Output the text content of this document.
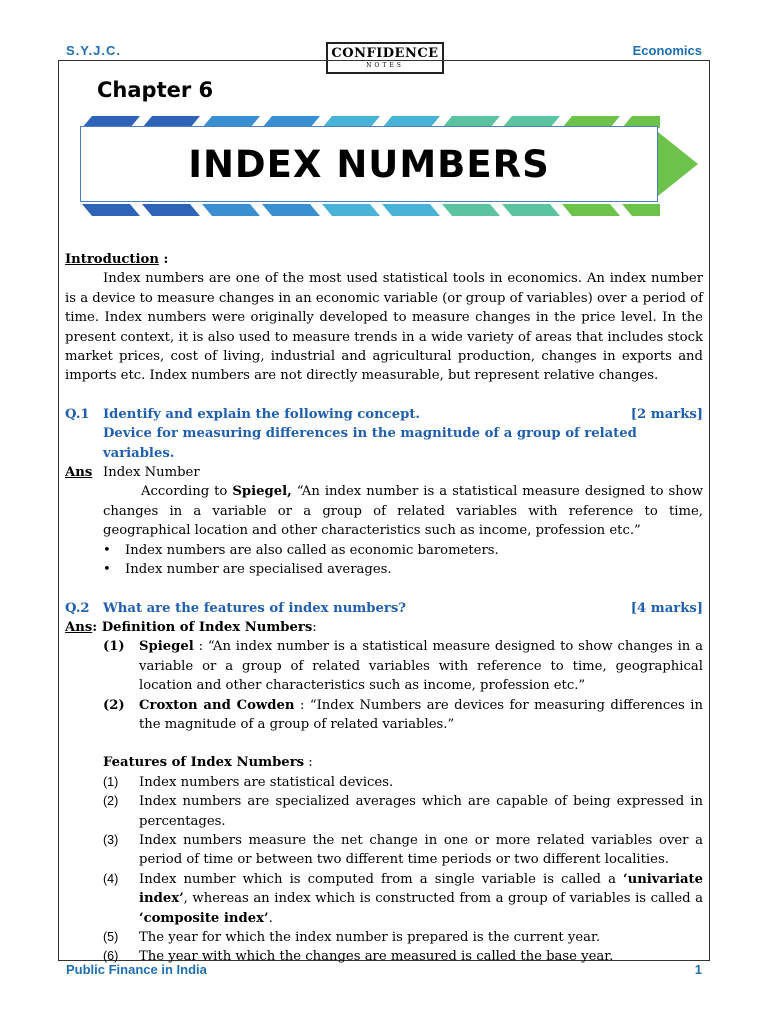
S.Y.J.C.	CONFIDENCE
NOTES
Economics
Chapter 6
INDEX NUMBERS

Introduction :

Index numbers are one of the most used statistical tools in economics. An index number is a device to measure changes in an economic variable (or group of variables) over a period of time. Index numbers were originally developed to measure changes in the price level. In the present context, it is also used to measure trends in a wide variety of areas that includes stock market prices, cost of living, industrial and agricultural production, changes in exports and imports etc. Index numbers are not directly measurable, but represent relative changes.

Q.1	Identify and explain the following concept.	[2 marks]
Device for measuring differences in the magnitude of a group of related variables.
Ans Index Number

According to Spiegel, “An index number is a statistical measure designed to show changes in a variable or a group of related variables with reference to time, geographical location and other characteristics such as income, profession etc.”

•	Index numbers are also called as economic barometers.
•	Index number are specialised averages.
Q.2	What are the features of index numbers?	[4 marks]
Ans: Definition of Index Numbers :
(1)	Spiegel : “An index number is a statistical measure designed to show changes in a variable or a group of related variables with reference to time, geographical location and other characteristics such as income, profession etc.”
(2)	Croxton and Cowden : “Index Numbers are devices for measuring differences in the magnitude of a group of related variables.”

Features of Index Numbers :

(1)	Index numbers are statistical devices.
(2)	Index numbers are specialized averages which are capable of being expressed in percentages.
(3)	Index numbers measure the net change in one or more related variables over a period of time or between two different time periods or two different localities.
(4)	Index number which is computed from a single variable is called a ‘univariate index’, whereas an index which is constructed from a group of variables is called a ‘composite index’.
(5)	The year for which the index number is prepared is the current year.
(6)	The year with which the changes are measured is called the base year.
Public Finance in India	1
